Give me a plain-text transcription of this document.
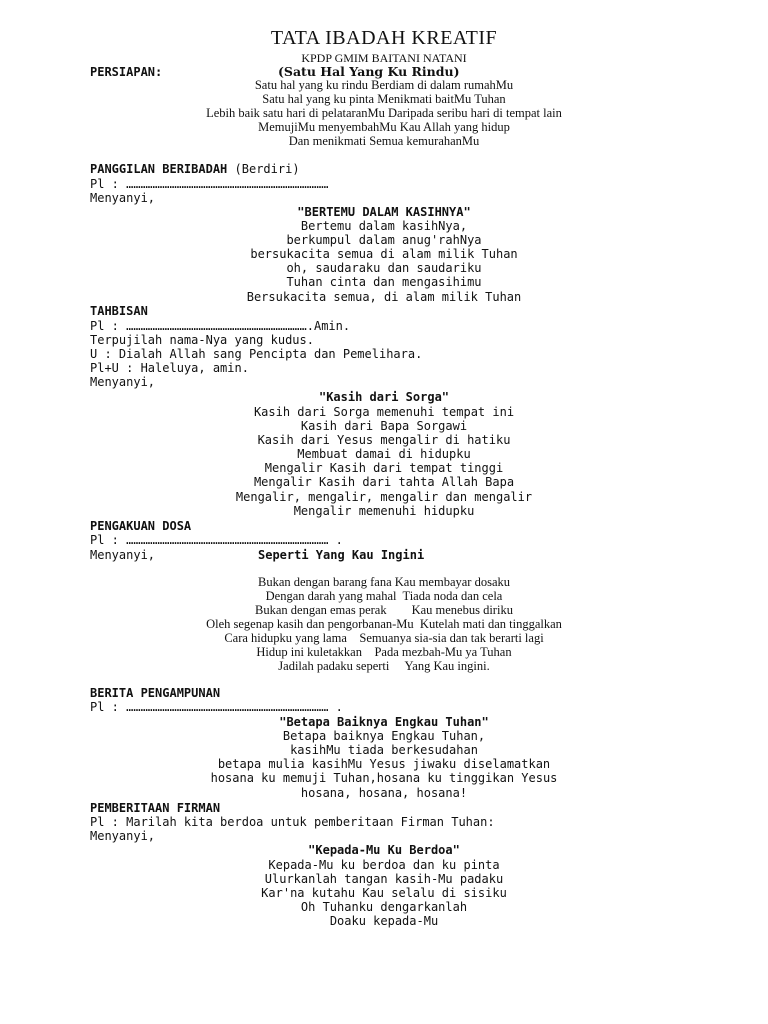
TATA IBADAH KREATIF
KPDP GMIM BAITANI NATANI
PERSIAPAN:	(Satu Hal Yang Ku Rindu)
Satu hal yang ku rindu Berdiam di dalam rumahMu
Satu hal yang ku pinta Menikmati baitMu Tuhan
Lebih baik satu hari di pelataranMu Daripada seribu hari di tempat lain
MemujiMu menyembahMu Kau Allah yang hidup
Dan menikmati Semua kemurahanMu
PANGGILAN BERIBADAH (Berdiri)
Pl : …………………………………………………………………………
Menyanyi,
"BERTEMU DALAM KASIHNYA"
Bertemu dalam kasihNya,
berkumpul dalam anug'rahNya
bersukacita semua di alam milik Tuhan
oh, saudaraku dan saudariku
Tuhan cinta dan mengasihimu
Bersukacita semua, di alam milik Tuhan
TAHBISAN
Pl : ………………………………………………………………….Amin.
Terpujilah nama-Nya yang kudus.
U : Dialah Allah sang Pencipta dan Pemelihara.
Pl+U : Haleluya, amin.
Menyanyi,
"Kasih dari Sorga"
Kasih dari Sorga memenuhi tempat ini
Kasih dari Bapa Sorgawi
Kasih dari Yesus mengalir di hatiku
Membuat damai di hidupku
Mengalir Kasih dari tempat tinggi
Mengalir Kasih dari tahta Allah Bapa
Mengalir, mengalir, mengalir dan mengalir
Mengalir memenuhi hidupku
PENGAKUAN DOSA
Pl : ………………………………………………………………………… .
Menyanyi,	Seperti Yang Kau Ingini
Bukan dengan barang fana Kau membayar dosaku
Dengan darah yang mahal  Tiada noda dan cela
Bukan dengan emas perak        Kau menebus diriku
Oleh segenap kasih dan pengorbanan-Mu  Kutelah mati dan tinggalkan
Cara hidupku yang lama    Semuanya sia-sia dan tak berarti lagi
Hidup ini kuletakkan    Pada mezbah-Mu ya Tuhan
Jadilah padaku seperti     Yang Kau ingini.
BERITA PENGAMPUNAN
Pl : ………………………………………………………………………… .
"Betapa Baiknya Engkau Tuhan"
Betapa baiknya Engkau Tuhan,
kasihMu tiada berkesudahan
betapa mulia kasihMu Yesus jiwaku diselamatkan
hosana ku memuji Tuhan,hosana ku tinggikan Yesus
hosana, hosana, hosana!
PEMBERITAAN FIRMAN
Pl : Marilah kita berdoa untuk pemberitaan Firman Tuhan:
Menyanyi,
"Kepada-Mu Ku Berdoa"
Kepada-Mu ku berdoa dan ku pinta
Ulurkanlah tangan kasih-Mu padaku
Kar'na kutahu Kau selalu di sisiku
Oh Tuhanku dengarkanlah
Doaku kepada-Mu
